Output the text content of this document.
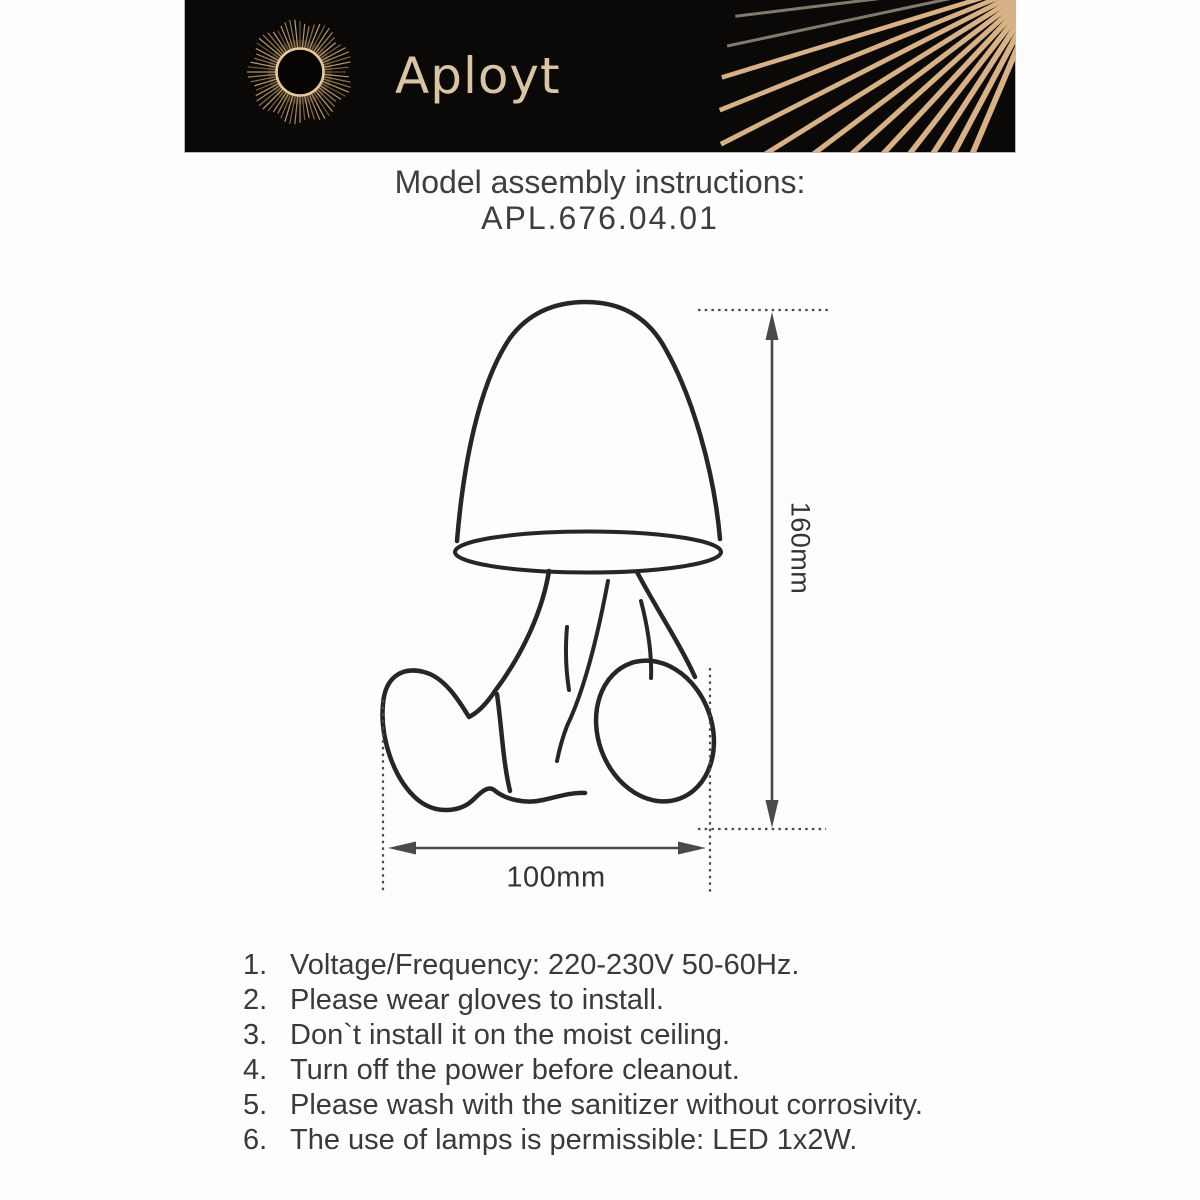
Aployt
Model assembly instructions:
APL.676.04.01
160mm
100mm
1. Voltage/Frequency: 220-230V 50-60Hz.
2. Please wear gloves to install.
3. Don`t install it on the moist ceiling.
4. Turn off the power before cleanout.
5. Please wash with the sanitizer without corrosivity.
6. The use of lamps is permissible: LED 1x2W.
